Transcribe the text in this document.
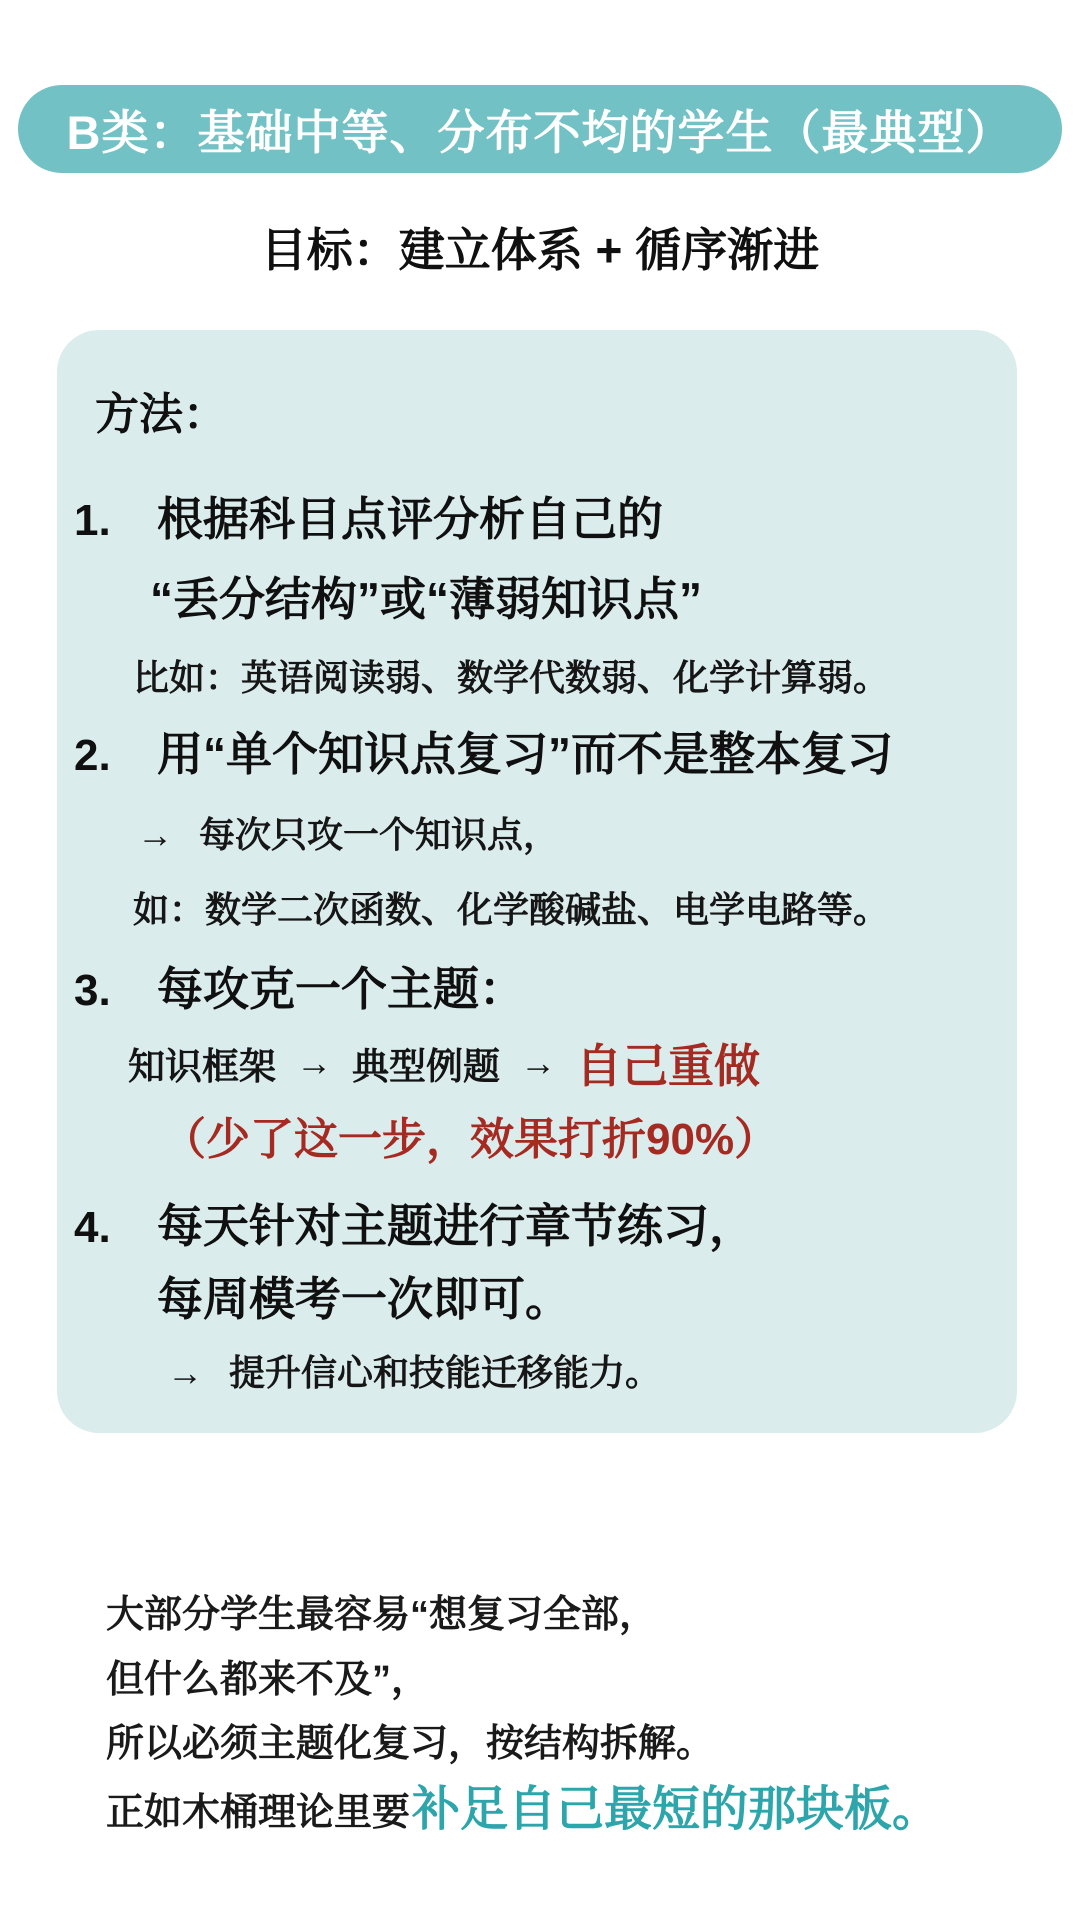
B类：基础中等、分布不均的学生（最典型）
目标：建立体系 + 循序渐进
方法：
1.	根据科目点评分析自己的
“丢分结构”或“薄弱知识点”
比如：英语阅读弱、数学代数弱、化学计算弱。
2.	用“单个知识点复习”而不是整本复习
→ 每次只攻一个知识点，
如：数学二次函数、化学酸碱盐、电学电路等。
3.	每攻克一个主题：
知识框架 → 典型例题 → 自己重做
（少了这一步，效果打折90%）
4.	每天针对主题进行章节练习，
每周模考一次即可。
→ 提升信心和技能迁移能力。
大部分学生最容易“想复习全部，
但什么都来不及”，
所以必须主题化复习，按结构拆解。
正如木桶理论里要 补足自己最短的那块板。
